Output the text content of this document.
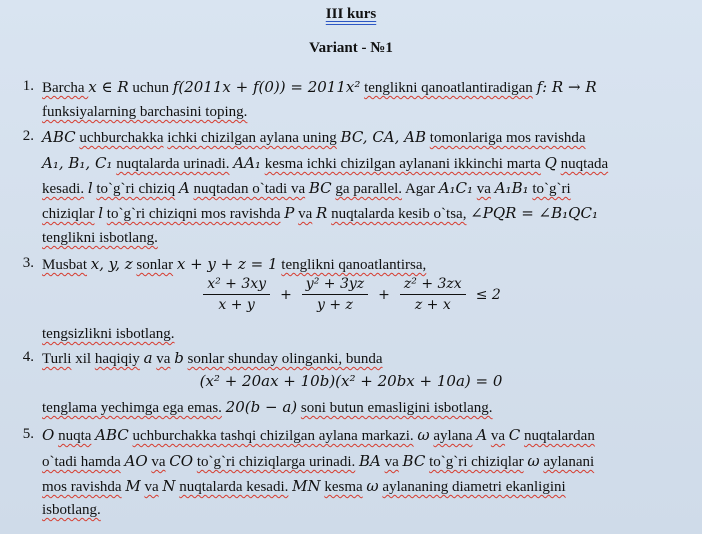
III kurs
Variant - №1
1. Barcha x ∈ R uchun f(2011x + f(0)) = 2011x² tenglikni qanoatlantiradigan f: R → R
funksiyalarning barchasini toping.
2. ABC uchburchakka ichki chizilgan aylana uning BC, CA, AB tomonlariga mos ravishda
A₁, B₁, C₁ nuqtalarda urinadi. AA₁ kesma ichki chizilgan aylanani ikkinchi marta Q nuqtada
kesadi. l to`g`ri chiziq A nuqtadan o`tadi va BC ga parallel. Agar A₁C₁ va A₁B₁ to`g`ri
chiziqlar l to`g`ri chiziqni mos ravishda P va R nuqtalarda kesib o`tsa, ∠PQR = ∠B₁QC₁
tenglikni isbotlang.
3. Musbat x, y, z sonlar x + y + z = 1 tenglikni qanoatlantirsa,
$\frac{\text{x² + 3xy}}{x + y} + \frac{\text{y² + 3yz}}{y + z} + \frac{\text{z² + 3zx}}{z + x} \le 2$
tengsizlikni isbotlang.
4. Turli xil haqiqiy a va b sonlar shunday olinganki, bunda
(x² + 20ax + 10b)(x² + 20bx + 10a) = 0
tenglama yechimga ega emas. 20(b − a) soni butun emasligini isbotlang.
5. O nuqta ABC uchburchakka tashqi chizilgan aylana markazi. ω aylana A va C nuqtalardan
o`tadi hamda AO va CO to`g`ri chiziqlarga urinadi. BA va BC to`g`ri chiziqlar ω aylanani
mos ravishda M va N nuqtalarda kesadi. MN kesma ω aylananing diametri ekanligini
isbotlang.
